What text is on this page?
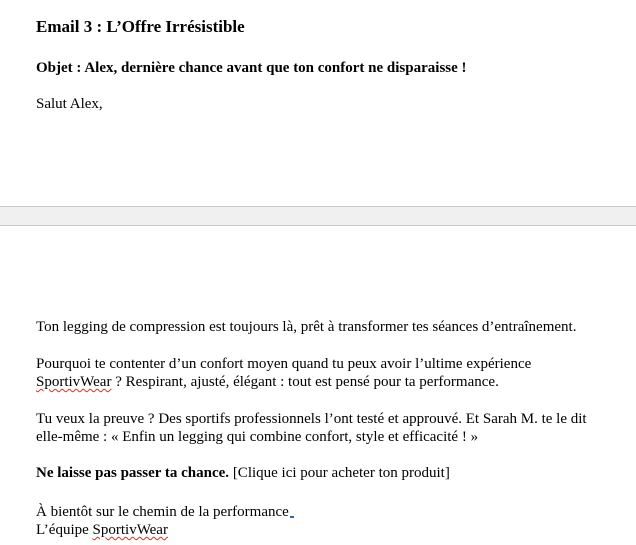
Email 3 : L’Offre Irrésistible
Objet : Alex, dernière chance avant que ton confort ne disparaisse !
Salut Alex,
Ton legging de compression est toujours là, prêt à transformer tes séances d’entraînement.
Pourquoi te contenter d’un confort moyen quand tu peux avoir l’ultime expérience
SportivWear ? Respirant, ajusté, élégant : tout est pensé pour ta performance.
Tu veux la preuve ? Des sportifs professionnels l’ont testé et approuvé. Et Sarah M. te le dit
elle-même : « Enfin un legging qui combine confort, style et efficacité ! »
Ne laisse pas passer ta chance. [Clique ici pour acheter ton produit]
À bientôt sur le chemin de la performance
L’équipe SportivWear
